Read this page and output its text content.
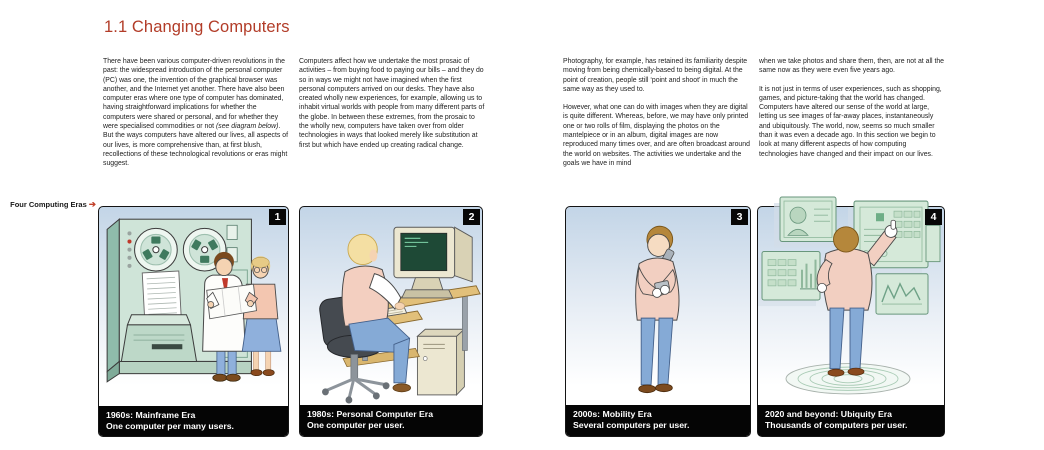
1.1 Changing Computers

There have been various computer-driven revolutions in the past: the widespread introduction of the personal computer (PC) was one, the invention of the graphical browser was another, and the Internet yet another. There have also been computer eras where one type of computer has dominated, having straightforward implications for whether the computers were shared or personal, and for whether they were specialised commodities or not (see diagram below). But the ways computers have altered our lives, all aspects of our lives, is more comprehensive than, at first blush, recollections of these technological revolutions or eras might suggest.

Computers affect how we undertake the most prosaic of activities – from buying food to paying our bills – and they do so in ways we might not have imagined when the first personal computers arrived on our desks. They have also created wholly new experiences, for example, allowing us to inhabit virtual worlds with people from many different parts of the globe. In between these extremes, from the prosaic to the wholly new, computers have taken over from older technologies in ways that looked merely like substitution at first but which have ended up creating radical change.

Photography, for example, has retained its familiarity despite moving from being chemically-based to being digital. At the point of creation, people still ‘point and shoot’ in much the same way as they used to.

However, what one can do with images when they are digital is quite different. Whereas, before, we may have only printed one or two rolls of film, displaying the photos on the mantelpiece or in an album, digital images are now reproduced many times over, and are often broadcast around the world on websites. The activities we undertake and the goals we have in mind

when we take photos and share them, then, are not at all the same now as they were even five years ago.

It is not just in terms of user experiences, such as shopping, games, and picture-taking that the world has changed. Computers have altered our sense of the world at large, letting us see images of far-away places, instantaneously and ubiquitously. The world, now, seems so much smaller than it was even a decade ago. In this section we begin to look at many different aspects of how computing technologies have changed and their impact on our lives.

Four Computing Eras ➔
1
1960s: Mainframe Era
One computer per many users.
2
1980s: Personal Computer Era
One computer per user.
3
2000s: Mobility Era
Several computers per user.
4
2020 and beyond: Ubiquity Era
Thousands of computers per user.
